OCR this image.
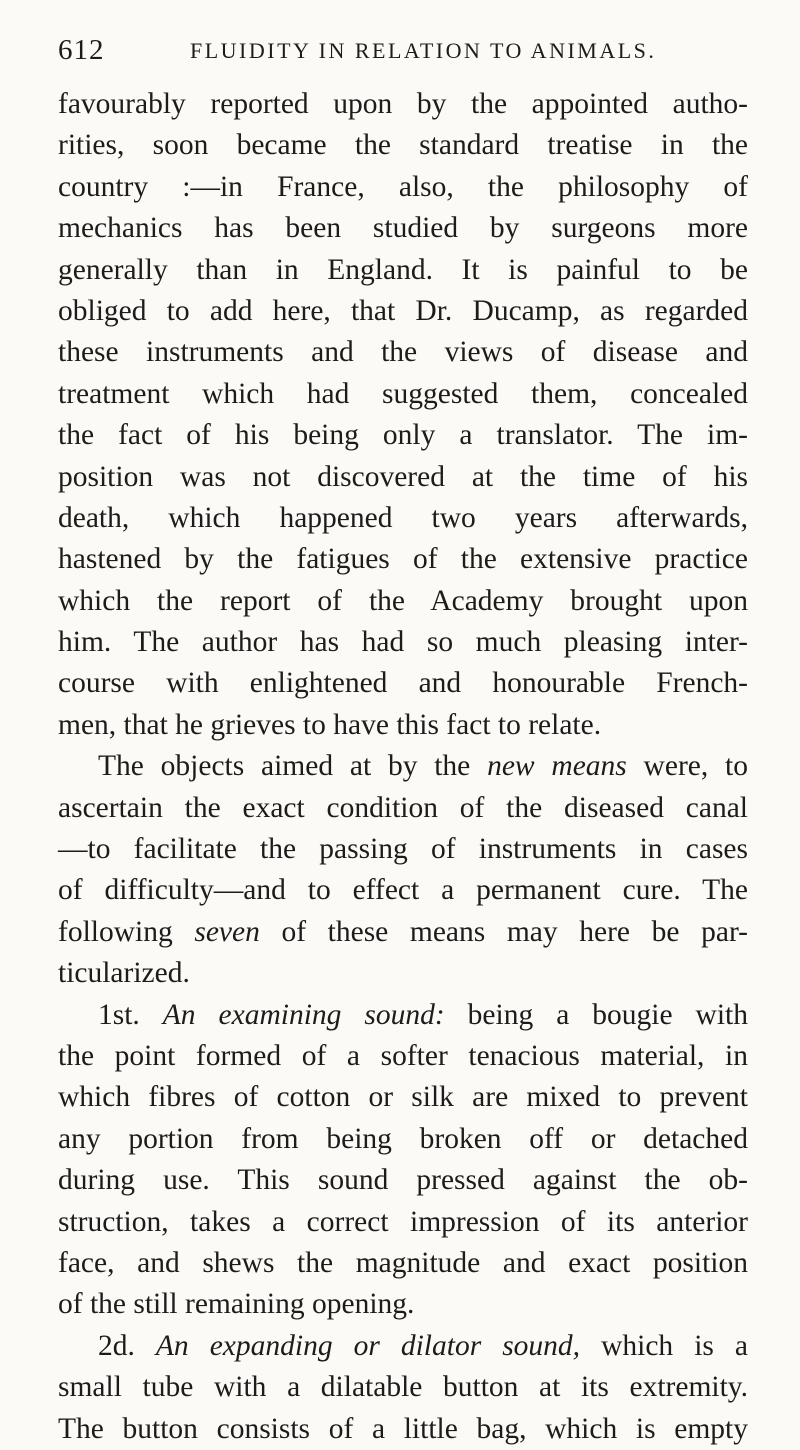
612	FLUIDITY IN RELATION TO ANIMALS.
favourably reported upon by the appointed autho-
rities, soon became the standard treatise in the
country :—in France, also, the philosophy of
mechanics has been studied by surgeons more
generally than in England. It is painful to be
obliged to add here, that Dr. Ducamp, as regarded
these instruments and the views of disease and
treatment which had suggested them, concealed
the fact of his being only a translator. The im-
position was not discovered at the time of his
death, which happened two years afterwards,
hastened by the fatigues of the extensive practice
which the report of the Academy brought upon
him. The author has had so much pleasing inter-
course with enlightened and honourable French-
men, that he grieves to have this fact to relate.
The objects aimed at by the new means were, to
ascertain the exact condition of the diseased canal
—to facilitate the passing of instruments in cases
of difficulty—and to effect a permanent cure. The
following seven of these means may here be par-
ticularized.
1st. An examining sound: being a bougie with
the point formed of a softer tenacious material, in
which fibres of cotton or silk are mixed to prevent
any portion from being broken off or detached
during use. This sound pressed against the ob-
struction, takes a correct impression of its anterior
face, and shews the magnitude and exact position
of the still remaining opening.
2d. An expanding or dilator sound, which is a
small tube with a dilatable button at its extremity.
The button consists of a little bag, which is empty
